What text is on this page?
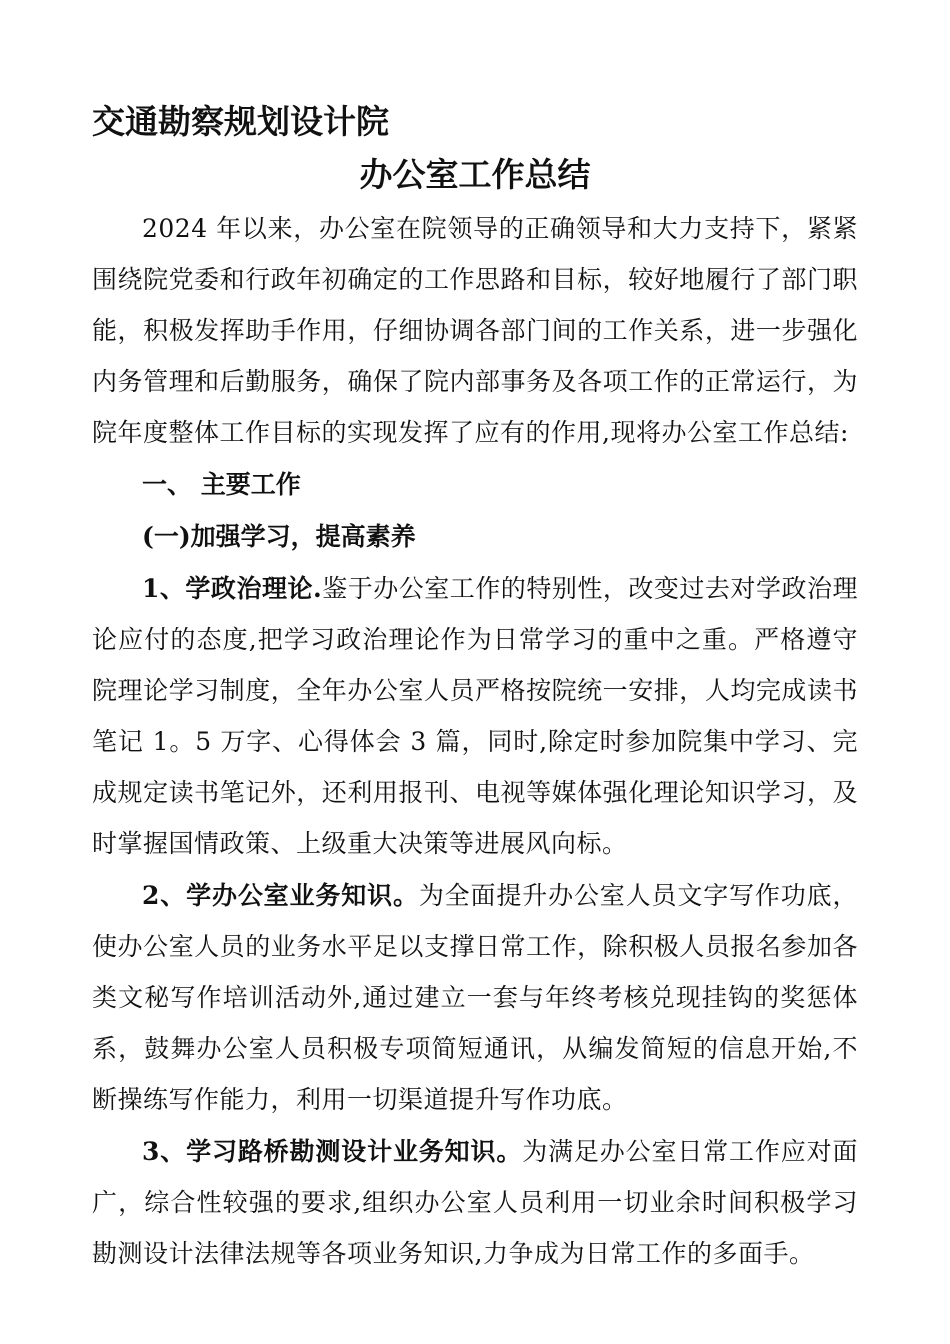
交通勘察规划设计院
办公室工作总结

2024 年以来，办公室在院领导的正确领导和大力支持下，紧紧围绕院党委和行政年初确定的工作思路和目标，较好地履行了部门职能，积极发挥助手作用，仔细协调各部门间的工作关系，进一步强化内务管理和后勤服务，确保了院内部事务及各项工作的正常运行，为院年度整体工作目标的实现发挥了应有的作用,现将办公室工作总结:

一、 主要工作

(一)加强学习，提高素养

1、学政治理论.鉴于办公室工作的特别性，改变过去对学政治理论应付的态度,把学习政治理论作为日常学习的重中之重。严格遵守院理论学习制度，全年办公室人员严格按院统一安排，人均完成读书笔记 1。5 万字、心得体会 3 篇，同时,除定时参加院集中学习、完成规定读书笔记外，还利用报刊、电视等媒体强化理论知识学习，及时掌握国情政策、上级重大决策等进展风向标。

2、学办公室业务知识。为全面提升办公室人员文字写作功底，使办公室人员的业务水平足以支撑日常工作，除积极人员报名参加各类文秘写作培训活动外,通过建立一套与年终考核兑现挂钩的奖惩体系，鼓舞办公室人员积极专项简短通讯，从编发简短的信息开始,不断操练写作能力，利用一切渠道提升写作功底。

3、学习路桥勘测设计业务知识。为满足办公室日常工作应对面广，综合性较强的要求,组织办公室人员利用一切业余时间积极学习勘测设计法律法规等各项业务知识,力争成为日常工作的多面手。
